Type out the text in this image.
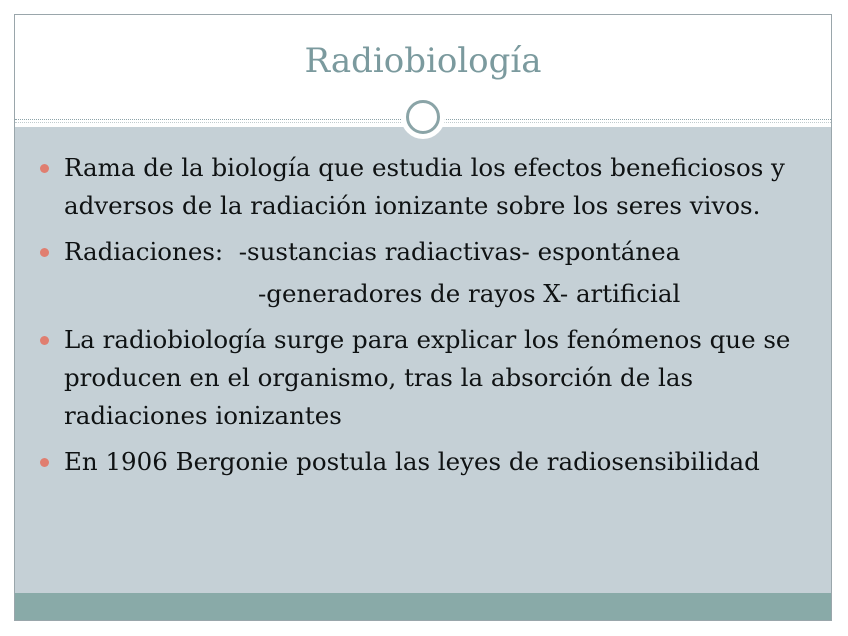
Radiobiología
Rama de la biología que estudia los efectos beneficiosos y adversos de la radiación ionizante sobre los seres vivos.
Radiaciones: -sustancias radiactivas- espontánea
-generadores de rayos X- artificial
La radiobiología surge para explicar los fenómenos que se producen en el organismo, tras la absorción de las radiaciones ionizantes
En 1906 Bergonie postula las leyes de radiosensibilidad
